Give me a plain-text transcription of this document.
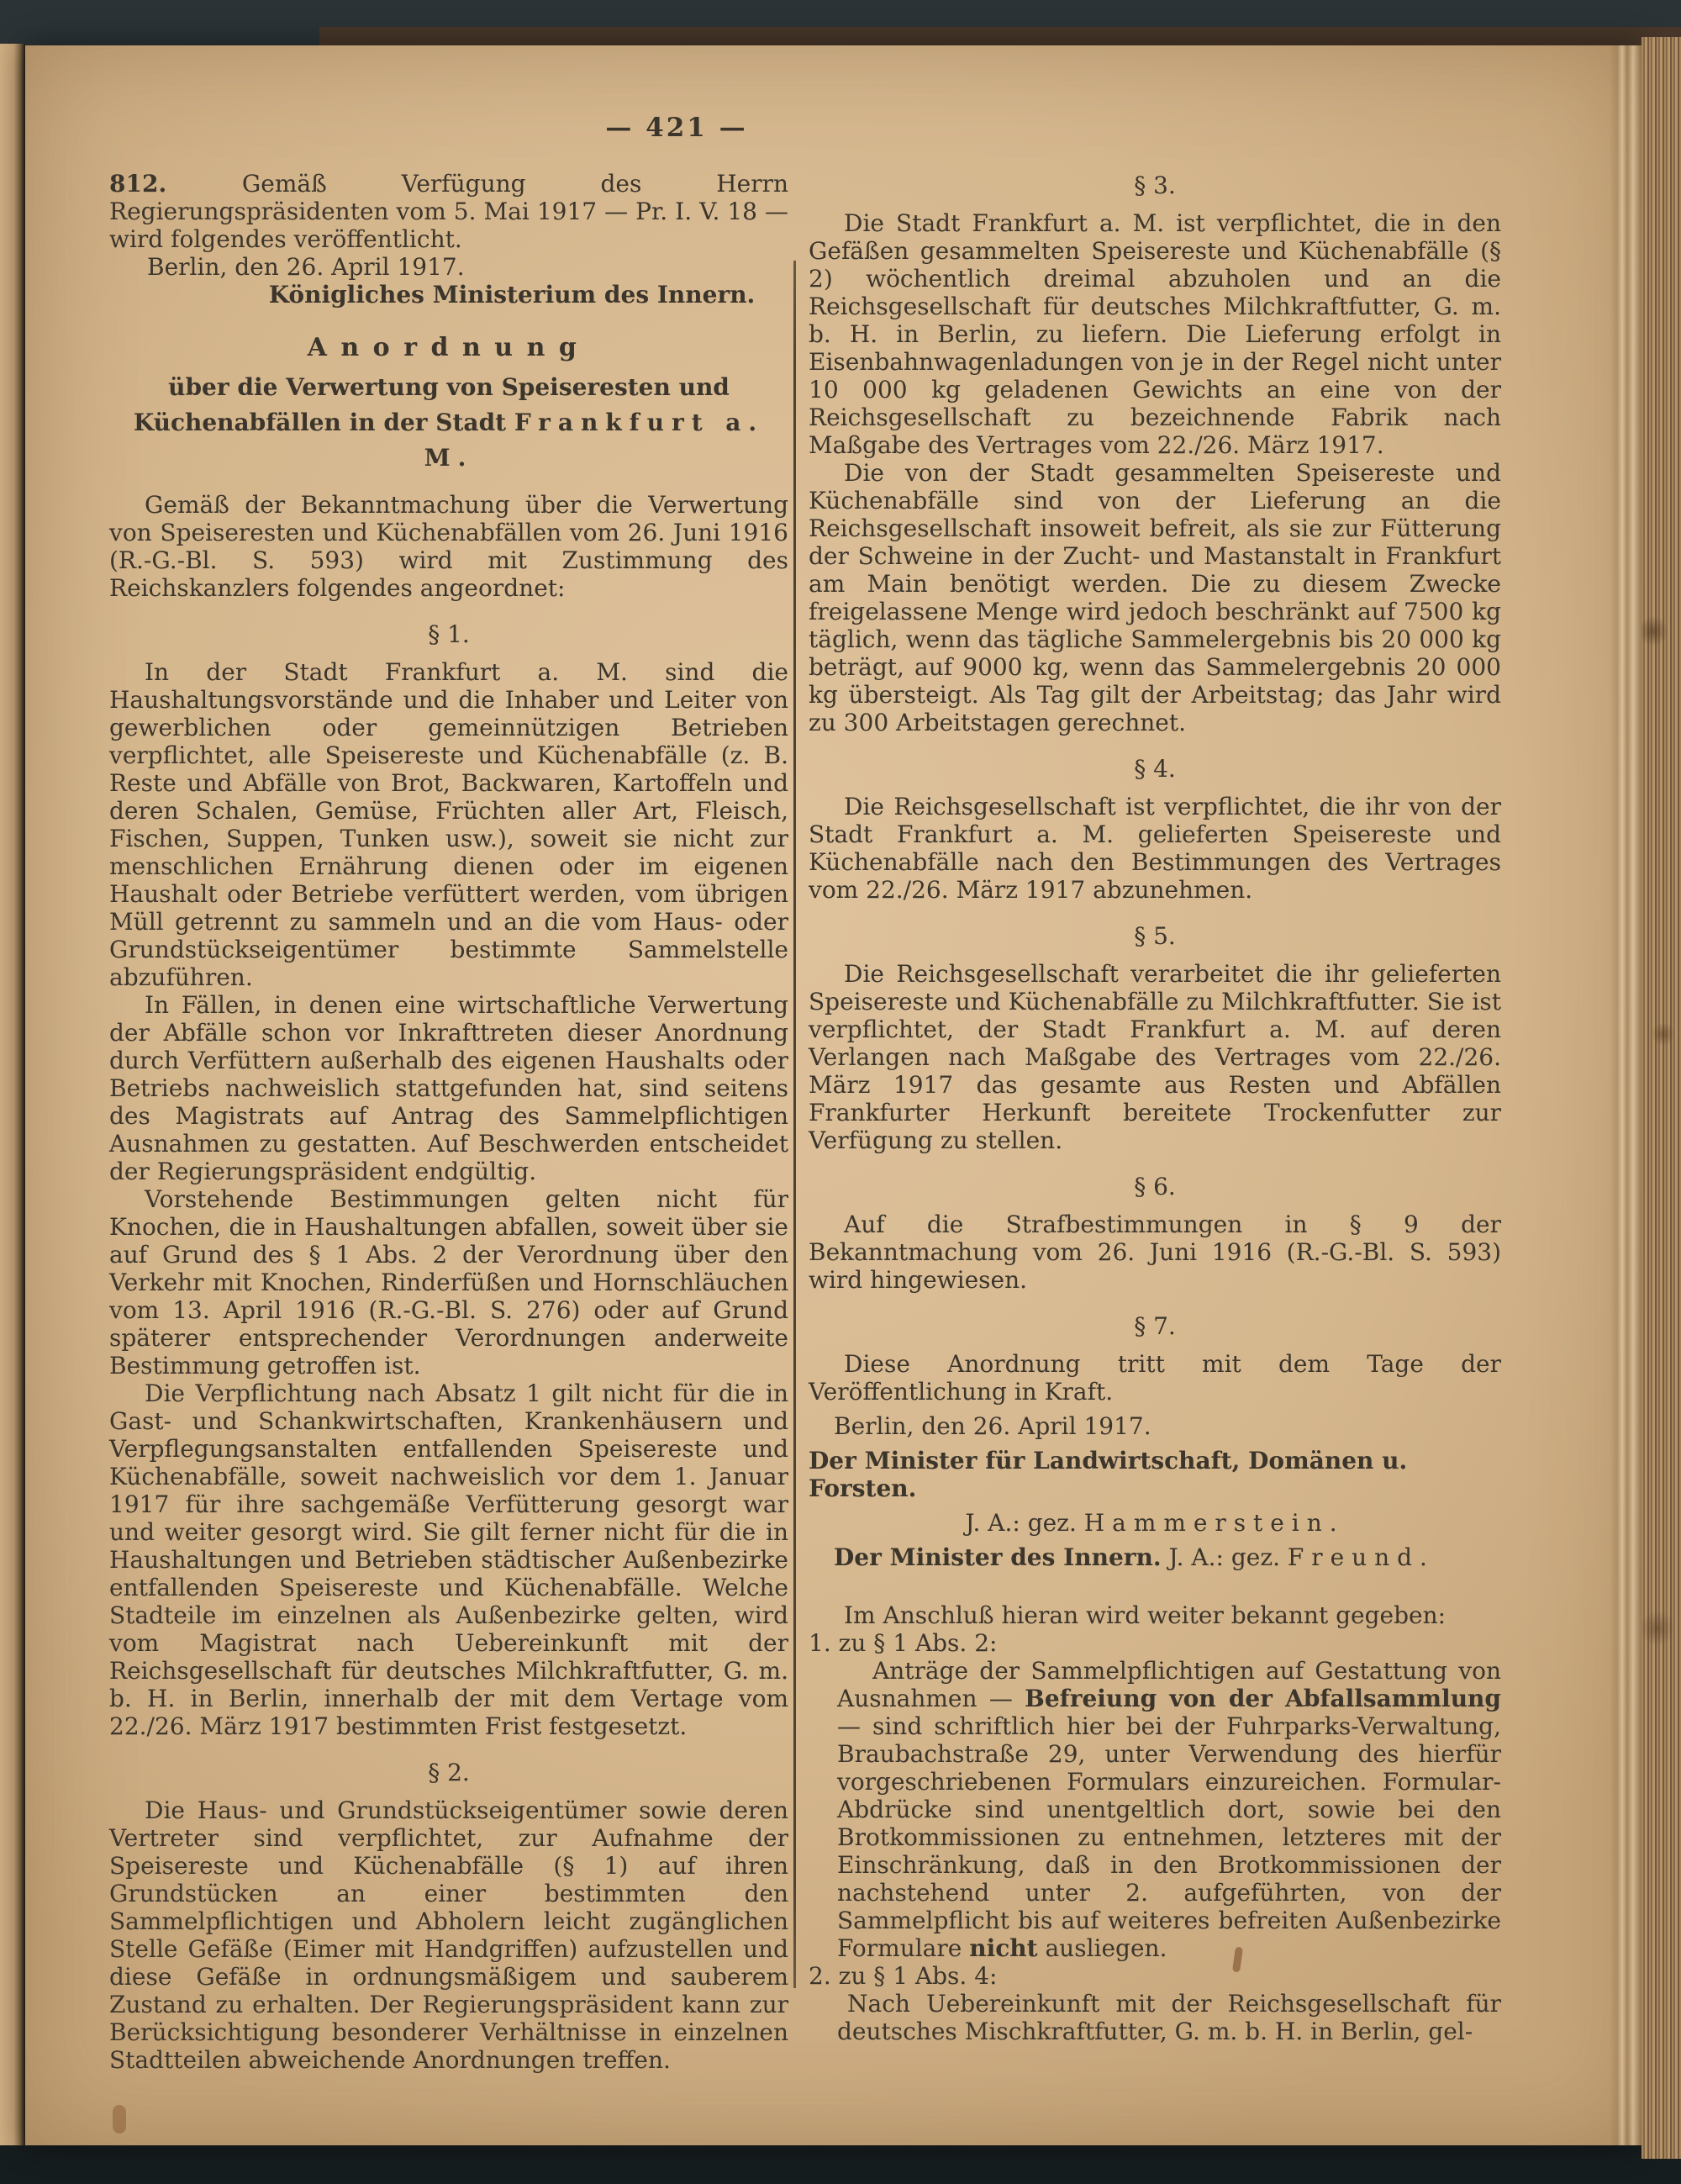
— 421 —
812. Gemäß Verfügung des Herrn Regierungspräsidenten vom 5. Mai 1917 — Pr. I. V. 18 — wird folgendes veröffentlicht.
Berlin, den 26. April 1917.
Königliches Ministerium des Innern.
Anordnung
über die Verwertung von Speiseresten und Küchenabfällen in der Stadt Frankfurt a. M.
Gemäß der Bekanntmachung über die Verwertung von Speiseresten und Küchenabfällen vom 26. Juni 1916 (R.-G.-Bl. S. 593) wird mit Zustimmung des Reichskanzlers folgendes angeordnet:
§ 1.
In der Stadt Frankfurt a. M. sind die Haushaltungsvorstände und die Inhaber und Leiter von gewerblichen oder gemeinnützigen Betrieben verpflichtet, alle Speisereste und Küchenabfälle (z. B. Reste und Abfälle von Brot, Backwaren, Kartoffeln und deren Schalen, Gemüse, Früchten aller Art, Fleisch, Fischen, Suppen, Tunken usw.), soweit sie nicht zur menschlichen Ernährung dienen oder im eigenen Haushalt oder Betriebe verfüttert werden, vom übrigen Müll getrennt zu sammeln und an die vom Haus- oder Grundstückseigentümer bestimmte Sammelstelle abzuführen.
In Fällen, in denen eine wirtschaftliche Verwertung der Abfälle schon vor Inkrafttreten dieser Anordnung durch Verfüttern außerhalb des eigenen Haushalts oder Betriebs nachweislich stattgefunden hat, sind seitens des Magistrats auf Antrag des Sammelpflichtigen Ausnahmen zu gestatten. Auf Beschwerden entscheidet der Regierungspräsident endgültig.
Vorstehende Bestimmungen gelten nicht für Knochen, die in Haushaltungen abfallen, soweit über sie auf Grund des § 1 Abs. 2 der Verordnung über den Verkehr mit Knochen, Rinderfüßen und Hornschläuchen vom 13. April 1916 (R.-G.-Bl. S. 276) oder auf Grund späterer entsprechender Verordnungen anderweite Bestimmung getroffen ist.
Die Verpflichtung nach Absatz 1 gilt nicht für die in Gast- und Schankwirtschaften, Krankenhäusern und Verpflegungsanstalten entfallenden Speisereste und Küchenabfälle, soweit nachweislich vor dem 1. Januar 1917 für ihre sachgemäße Verfütterung gesorgt war und weiter gesorgt wird. Sie gilt ferner nicht für die in Haushaltungen und Betrieben städtischer Außenbezirke entfallenden Speisereste und Küchenabfälle. Welche Stadteile im einzelnen als Außenbezirke gelten, wird vom Magistrat nach Uebereinkunft mit der Reichsgesellschaft für deutsches Milchkraftfutter, G. m. b. H. in Berlin, innerhalb der mit dem Vertage vom 22./26. März 1917 bestimmten Frist festgesetzt.
§ 2.
Die Haus- und Grundstückseigentümer sowie deren Vertreter sind verpflichtet, zur Aufnahme der Speisereste und Küchenabfälle (§ 1) auf ihren Grundstücken an einer bestimmten den Sammelpflichtigen und Abholern leicht zugänglichen Stelle Gefäße (Eimer mit Handgriffen) aufzustellen und diese Gefäße in ordnungsmäßigem und sauberem Zustand zu erhalten. Der Regierungspräsident kann zur Berücksichtigung besonderer Verhältnisse in einzelnen Stadtteilen abweichende Anordnungen treffen.
§ 3.
Die Stadt Frankfurt a. M. ist verpflichtet, die in den Gefäßen gesammelten Speisereste und Küchenabfälle (§ 2) wöchentlich dreimal abzuholen und an die Reichsgesellschaft für deutsches Milchkraftfutter, G. m. b. H. in Berlin, zu liefern. Die Lieferung erfolgt in Eisenbahnwagenladungen von je in der Regel nicht unter 10 000 kg geladenen Gewichts an eine von der Reichsgesellschaft zu bezeichnende Fabrik nach Maßgabe des Vertrages vom 22./26. März 1917.
Die von der Stadt gesammelten Speisereste und Küchenabfälle sind von der Lieferung an die Reichsgesellschaft insoweit befreit, als sie zur Fütterung der Schweine in der Zucht- und Mastanstalt in Frankfurt am Main benötigt werden. Die zu diesem Zwecke freigelassene Menge wird jedoch beschränkt auf 7500 kg täglich, wenn das tägliche Sammelergebnis bis 20 000 kg beträgt, auf 9000 kg, wenn das Sammelergebnis 20 000 kg übersteigt. Als Tag gilt der Arbeitstag; das Jahr wird zu 300 Arbeitstagen gerechnet.
§ 4.
Die Reichsgesellschaft ist verpflichtet, die ihr von der Stadt Frankfurt a. M. gelieferten Speisereste und Küchenabfälle nach den Bestimmungen des Vertrages vom 22./26. März 1917 abzunehmen.
§ 5.
Die Reichsgesellschaft verarbeitet die ihr gelieferten Speisereste und Küchenabfälle zu Milchkraftfutter. Sie ist verpflichtet, der Stadt Frankfurt a. M. auf deren Verlangen nach Maßgabe des Vertrages vom 22./26. März 1917 das gesamte aus Resten und Abfällen Frankfurter Herkunft bereitete Trockenfutter zur Verfügung zu stellen.
§ 6.
Auf die Strafbestimmungen in § 9 der Bekanntmachung vom 26. Juni 1916 (R.-G.-Bl. S. 593) wird hingewiesen.
§ 7.
Diese Anordnung tritt mit dem Tage der Veröffentlichung in Kraft.
Berlin, den 26. April 1917.
Der Minister für Landwirtschaft, Domänen u. Forsten.
J. A.: gez. Hammerstein.
Der Minister des Innern. J. A.: gez. Freund.
Im Anschluß hieran wird weiter bekannt gegeben:
1. zu § 1 Abs. 2:
Anträge der Sammelpflichtigen auf Gestattung von Ausnahmen — Befreiung von der Abfallsammlung — sind schriftlich hier bei der Fuhrparks-Verwaltung, Braubachstraße 29, unter Verwendung des hierfür vorgeschriebenen Formulars einzureichen. Formular-Abdrücke sind unentgeltlich dort, sowie bei den Brotkommissionen zu entnehmen, letzteres mit der Einschränkung, daß in den Brotkommissionen der nachstehend unter 2. aufgeführten, von der Sammelpflicht bis auf weiteres befreiten Außenbezirke Formulare nicht ausliegen.
2. zu § 1 Abs. 4:
Nach Uebereinkunft mit der Reichsgesellschaft für deutsches Mischkraftfutter, G. m. b. H. in Berlin, gel-
